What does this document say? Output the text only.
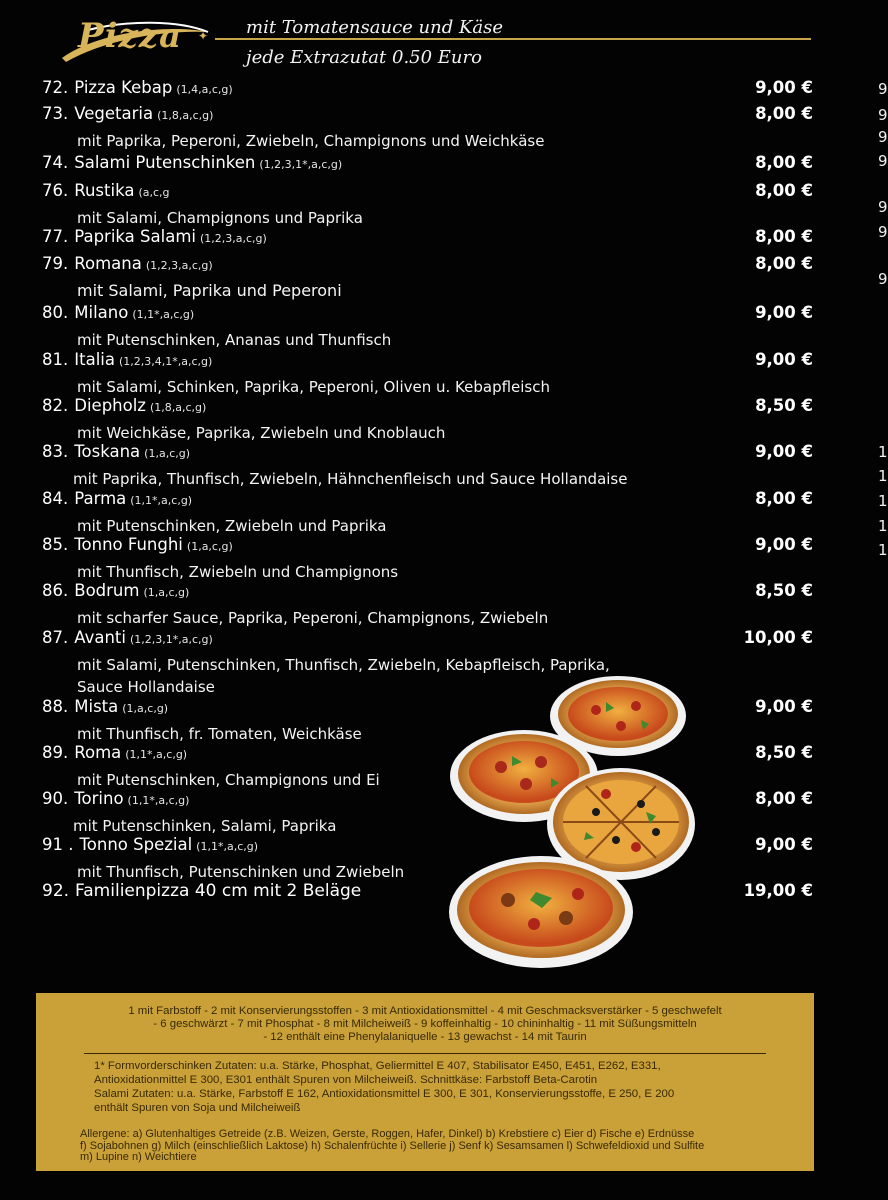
Pizza ✦ mit Tomatensauce und Käse
jede Extrazutat 0.50 Euro
72. Pizza Kebap (1,4,a,c,g)	9,00 €
73. Vegetaria (1,8,a,c,g)	8,00 €
mit Paprika, Peperoni, Zwiebeln, Champignons und Weichkäse
74. Salami Putenschinken (1,2,3,1*,a,c,g)	8,00 €
76. Rustika (a,c,g	8,00 €
mit Salami, Champignons und Paprika
77. Paprika Salami (1,2,3,a,c,g)	8,00 €
79. Romana (1,2,3,a,c,g)	8,00 €
mit Salami, Paprika und Peperoni
80. Milano (1,1*,a,c,g)	9,00 €
mit Putenschinken, Ananas und Thunfisch
81. Italia (1,2,3,4,1*,a,c,g)	9,00 €
mit Salami, Schinken, Paprika, Peperoni, Oliven u. Kebapfleisch
82. Diepholz (1,8,a,c,g)	8,50 €
mit Weichkäse, Paprika, Zwiebeln und Knoblauch
83. Toskana (1,a,c,g)	9,00 €
mit Paprika, Thunfisch, Zwiebeln, Hähnchenfleisch und Sauce Hollandaise
84. Parma (1,1*,a,c,g)	8,00 €
mit Putenschinken, Zwiebeln und Paprika
85. Tonno Funghi (1,a,c,g)	9,00 €
mit Thunfisch, Zwiebeln und Champignons
86. Bodrum (1,a,c,g)	8,50 €
mit scharfer Sauce, Paprika, Peperoni, Champignons, Zwiebeln
87. Avanti (1,2,3,1*,a,c,g)	10,00 €
mit Salami, Putenschinken, Thunfisch, Zwiebeln, Kebapfleisch, Paprika,
Sauce Hollandaise
88. Mista (1,a,c,g)	9,00 €
mit Thunfisch, fr. Tomaten, Weichkäse
89. Roma (1,1*,a,c,g)	8,50 €
mit Putenschinken, Champignons und Ei
90. Torino (1,1*,a,c,g)	8,00 €
mit Putenschinken, Salami, Paprika
91 . Tonno Spezial (1,1*,a,c,g)	9,00 €
mit Thunfisch, Putenschinken und Zwiebeln
92. Familienpizza 40 cm mit 2 Beläge	19,00 €
9
9
9
9
9
9
9
1
1
1
1
1
1 mit Farbstoff - 2 mit Konservierungsstoffen - 3 mit Antioxidationsmittel - 4 mit Geschmacksverstärker - 5 geschwefelt
- 6 geschwärzt - 7 mit Phosphat - 8 mit Milcheiweiß - 9 koffeinhaltig - 10 chininhaltig - 11 mit Süßungsmitteln
- 12 enthält eine Phenylalaniquelle - 13 gewachst - 14 mit Taurin
1* Formvorderschinken Zutaten: u.a. Stärke, Phosphat, Geliermittel E 407, Stabilisator E450, E451, E262, E331,
Antioxidationmittel E 300, E301 enthält Spuren von Milcheiweiß. Schnittkäse: Farbstoff Beta-Carotin
Salami Zutaten: u.a. Stärke, Farbstoff E 162, Antioxidationsmittel E 300, E 301, Konservierungsstoffe, E 250, E 200
enthält Spuren von Soja und Milcheiweiß
Allergene: a) Glutenhaltiges Getreide (z.B. Weizen, Gerste, Roggen, Hafer, Dinkel) b) Krebstiere c) Eier d) Fische e) Erdnüsse
f) Sojabohnen g) Milch (einschließlich Laktose) h) Schalenfrüchte i) Sellerie j) Senf k) Sesamsamen l) Schwefeldioxid und Sulfite
m) Lupine n) Weichtiere
